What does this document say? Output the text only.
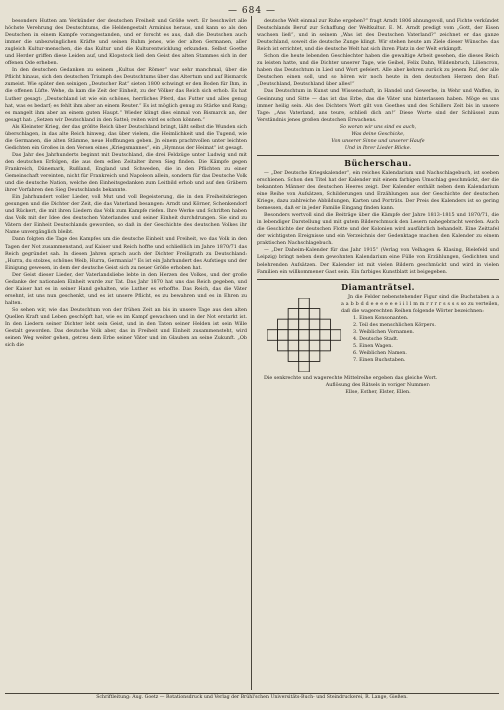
— 684 —

besonders Hutten am Verkünder der deutschen Freiheit und Größe wert. Er beschwört alle höchste Verehrung des Deutschtums, die Heldengestalt Arminius heraus, und kann so als den Deutschen in einem Kampfe vorangestanden, und er forscht es aus, daß die Deutschen auch immer die unbezwinglichen Kräfte und seinen Ruhm jenes, wie der alten Germanen, aller zugleich Kultur-menschen, die das Kultur und die Kulturentwicklung erkunden. Selbst Goethe und Herder griffen diese Leiden auf, und Klopstock ließ den Geist des alten Stammes sich in der offenen Ode erheben.

In den deutschen Gedanken zu seinem „Kultus der Römer“ war sehr manchmal, über die Pflicht hinaus, sich den deutschen Triumph des Deutschtums über das Altertum und auf Bismarck zumeist. Wie später den seinigen „Deutscher Rat“ sieten 1800 schwingt er den Boden für Ihm, in die offenen Lüfte. Wehe, da kam die Zeit der Einheit, zu der Völker das Reich sich erhob. Es hat Luther gesagt: „Deutschland ist wie ein schönes, herrliches Pferd, das Futter und alles genug hat, was es bedarf; es fehlt ihm aber an einem Reuter.“ Es ist möglich genug zu Stärke und Rang; es mangelt ihm aber an einem guten Haupt.“ Wieder klingt dies einmal von Bismarck an, der gesagt hat: „Setzen wir Deutschland in den Sattel; reiten wird es schon können.“

Als Kleinster Krieg, der das größte Reich über Deutschland bringt, läßt selbst die Wunden sich überschlagen, in das alte Reich hinweg, das über vielem, die Heimlichkeit und die Tugend, wie die Germanen, die alten Stämme, neue Hoffnungen geben. Jn einem prachtvollen unter leichten Gedichten ein Großes in den Versen eines „Kriegsmannes“, ein „Hymnus der Heimat“ ist gesagt.

Das Jahr des Jahrhunderts beginnt mit Deutschland, die drei Feldzüge unter Ludwig und mit den deutschen Erfolgen, die aus dem edlen Zeitalter ihren Sieg finden. Die Kämpfe gegen Frankreich, Dänemark, Rußland, England und Schweden, die in den Pflichten zu einer Gemeinschaft vereinten, nicht für Frankreich und Napoleon allein, sondern für das Deutsche Volk und die deutsche Nation, welche den Einheitsgedanken zum Leitbild erhob und auf den Gräbern ihrer Vorfahren den Sieg Deutschlands bekannte.

Ein Jahrhundert voller Lieder, voll Mut und voll Begeisterung, die in den Freiheitskriegen gesungen und die Dichter der Zeit, die das Vaterland besangen: Arndt und Körner, Schenkendorf und Rückert, die mit ihren Liedern das Volk zum Kampfe riefen. Ihre Werke und Schriften haben das Volk mit der Idee des deutschen Vaterlandes und seiner Einheit durchdrungen. Sie sind zu Vätern der Einheit Deutschlands geworden, so daß in der Geschichte des deutschen Volkes ihr Name unvergänglich bleibt.

Dann folgten die Tage des Kampfes um die deutsche Einheit und Freiheit, wo das Volk in den Tagen der Not zusammenstand, auf Kaiser und Reich hoffte und schließlich im Jahre 1870/71 das Reich gegründet sah. In diesen Jahren sprach auch der Dichter Freiligrath zu Deutschland: „Hurra, du stolzes, schönes Weib, Hurra, Germania!“ Es ist ein Jahrhundert des Aufstiegs und der Einigung gewesen, in dem der deutsche Geist sich zu neuer Größe erhoben hat.

Der Geist dieser Lieder, der Vaterlandsliebe lebte in den Herzen des Volkes, und der große Gedanke der nationalen Einheit wurde zur Tat. Das Jahr 1870 hat uns das Reich gegeben, und der Kaiser hat es in seiner Hand gehalten, wie Luther es erhoffte. Das Reich, das die Väter ersehnt, ist uns nun geschenkt, und es ist unsere Pflicht, es zu bewahren und es in Ehren zu halten.

So sehen wir, wie das Deutschtum von der frühen Zeit an bis in unsere Tage aus den alten Quellen Kraft und Leben geschöpft hat, wie es im Kampf gewachsen und in der Not erstarkt ist. In den Liedern seiner Dichter lebt sein Geist, und in den Taten seiner Helden ist sein Wille Gestalt geworden. Das deutsche Volk aber, das in Freiheit und Einheit zusammensteht, wird seinen Weg weiter gehen, getreu dem Erbe seiner Väter und im Glauben an seine Zukunft. „Ob sich die

deutsche Welt einmal zur Ruhe ergehen?“ fragt Arndt 1806 ahnungsvoll, und Fichte verkündet Deutschlands Beruf zur Schaffung der Weltkultur. E. M. Arndt predigt vom „Gott, der Eisen wachsen ließ“, und in seinem „Was ist des Deutschen Vaterland?“ zeichnet er das ganze Deutschland, soweit die deutsche Zunge klingt. Wir stehen heute am Ziele dieser Wünsche: das Reich ist errichtet, und die deutsche Welt hat sich ihren Platz in der Welt erkämpft.

Schon die heute lebenden Geschlechter haben die gewaltige Arbeit gesehen, die dieses Reich zu leisten hatte, und die Dichter unserer Tage, wie Geibel, Felix Dahn, Wildenbruch, Liliencron, haben das Deutschtum in Lied und Wort gefeiert. Alle aber kehren zurück zu jenem Ruf, der alle Deutschen einen soll, und so hören wir noch heute in den deutschen Herzen den Ruf: „Deutschland, Deutschland über alles!“

Das Deutschtum in Kunst und Wissenschaft, in Handel und Gewerbe, in Wehr und Waffen, in Gesinnung und Sitte — das ist das Erbe, das die Väter uns hinterlassen haben. Möge es uns immer heilig sein. Als des Dichters Wort gilt von Goethes und des Schillers Zeit bis in unsere Tage: „Ans Vaterland, ans teure, schließ dich an!“ Diese Worte sind der Schlüssel zum Verständnis jenes großen deutschen Erwachens.

So woran wir uns sind es auch,

Was deine Geschicke,

Von unserer Sinne und unserer Haufe

Und in Ihrer Lieder Blicke.

Bücherschau.

— „Der Deutsche Kriegskalender“, ein reiches Kalendarium und Nachschlagebuch, ist soeben erschienen. Schon den Titel hat der Kalender mit einem farbigen Umschlag geschmückt, der die bekannten Männer des deutschen Heeres zeigt. Der Kalender enthält neben dem Kalendarium eine Reihe von Aufsätzen, Schilderungen und Erzählungen aus der Geschichte der deutschen Kriege, dazu zahlreiche Abbildungen, Karten und Porträts. Der Preis des Kalenders ist so gering bemessen, daß er in jeder Familie Eingang finden kann.

Besonders wertvoll sind die Beiträge über die Kämpfe der Jahre 1813–1815 und 1870/71, die in lebendiger Darstellung und mit gutem Bilderschmuck den Lesern nahegebracht werden. Auch die Geschichte der deutschen Flotte und der Kolonien wird ausführlich behandelt. Eine Zeittafel der wichtigsten Ereignisse und ein Verzeichnis der Gedenktage machen den Kalender zu einem praktischen Nachschlagebuch.

— „Der Daheim-Kalender für das Jahr 1915“ (Verlag von Velhagen & Klasing, Bielefeld und Leipzig) bringt neben dem gewohnten Kalendarium eine Fülle von Erzählungen, Gedichten und belehrenden Aufsätzen. Der Kalender ist mit vielen Bildern geschmückt und wird in vielen Familien ein willkommener Gast sein. Ein farbiges Kunstblatt ist beigegeben.

Diamanträtsel.

Jn die Felder nebenstehender Figur sind die Buchstaben a a a a b b d d e e e e e e i i l l m m r r r r s s s s so zu verteilen, daß die wagerechten Reihen folgende Wörter bezeichnen:

1. Einen Konsonanten.

2. Teil des menschlichen Körpers.

3. Weiblichen Vornamen.

4. Deutsche Stadt.

5. Einen Wagen.

6. Weiblichen Namen.

7. Einen Buchstaben.

Die senkrechte und wagerechte Mittelreihe ergeben das gleiche Wort.

Auflösung des Rätsels in voriger Nummer:

Ellse, Esther, Elster, Ellen.

Schriftleitung: Aug. Goetz — Rotationsdruck und Verlag der Brühl'schen Universitäts-Buch- und Steindruckerei, R. Lange, Gießen.
